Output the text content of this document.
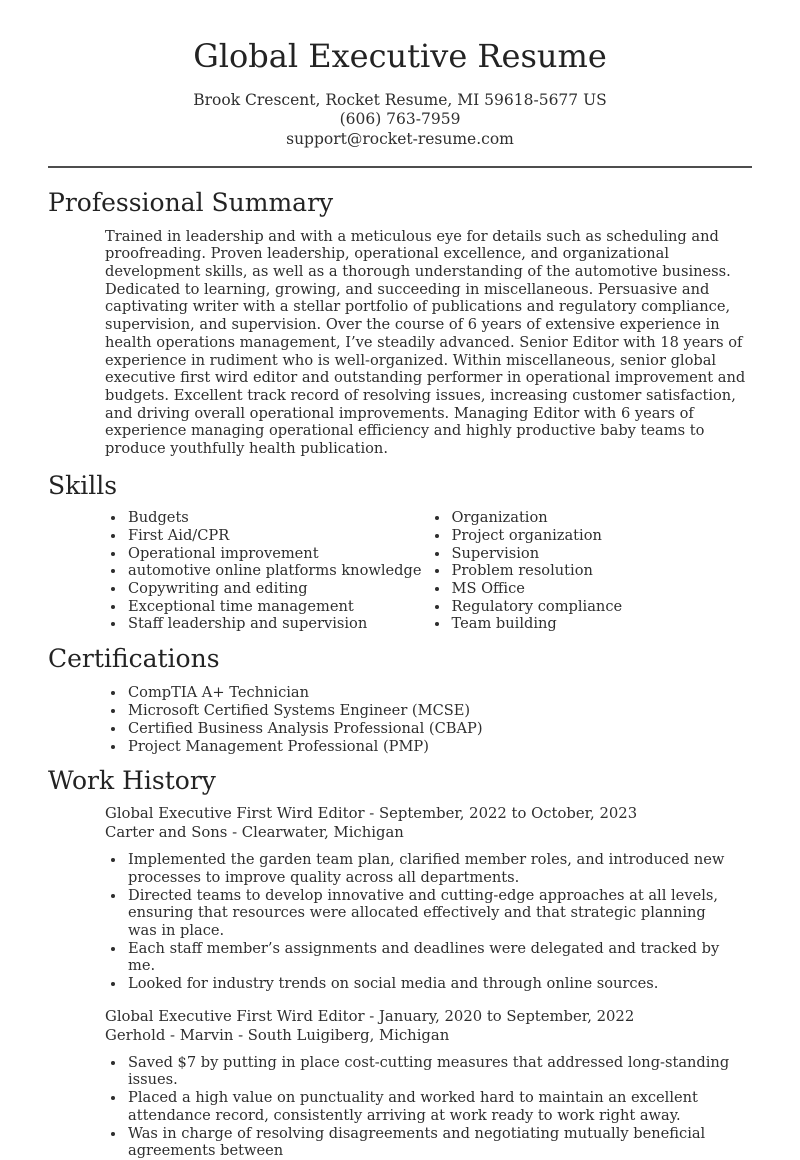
Global Executive Resume

Brook Crescent, Rocket Resume, MI 59618-5677 US

(606) 763-7959

support@rocket-resume.com

Professional Summary

Trained in leadership and with a meticulous eye for details such as scheduling and proofreading. Proven leadership, operational excellence, and organizational development skills, as well as a thorough understanding of the automotive business. Dedicated to learning, growing, and succeeding in miscellaneous. Persuasive and captivating writer with a stellar portfolio of publications and regulatory compliance, supervision, and supervision. Over the course of 6 years of extensive experience in health operations management, I’ve steadily advanced. Senior Editor with 18 years of experience in rudiment who is well-organized. Within miscellaneous, senior global executive first wird editor and outstanding performer in operational improvement and budgets. Excellent track record of resolving issues, increasing customer satisfaction, and driving overall operational improvements. Managing Editor with 6 years of experience managing operational efficiency and highly productive baby teams to produce youthfully health publication.

Skills
• Budgets
• First Aid/CPR
• Operational improvement
• automotive online platforms knowledge
• Copywriting and editing
• Exceptional time management
• Staff leadership and supervision
• Organization
• Project organization
• Supervision
• Problem resolution
• MS Office
• Regulatory compliance
• Team building
Certifications
• CompTIA A+ Technician
• Microsoft Certified Systems Engineer (MCSE)
• Certified Business Analysis Professional (CBAP)
• Project Management Professional (PMP)
Work History

Global Executive First Wird Editor - September, 2022 to October, 2023

Carter and Sons - Clearwater, Michigan

• Implemented the garden team plan, clarified member roles, and introduced new processes to improve quality across all departments.
• Directed teams to develop innovative and cutting-edge approaches at all levels, ensuring that resources were allocated effectively and that strategic planning was in place.
• Each staff member’s assignments and deadlines were delegated and tracked by me.
• Looked for industry trends on social media and through online sources.

Global Executive First Wird Editor - January, 2020 to September, 2022

Gerhold - Marvin - South Luigiberg, Michigan

• Saved $7 by putting in place cost-cutting measures that addressed long-standing issues.
• Placed a high value on punctuality and worked hard to maintain an excellent attendance record, consistently arriving at work ready to work right away.
• Was in charge of resolving disagreements and negotiating mutually beneficial agreements between
